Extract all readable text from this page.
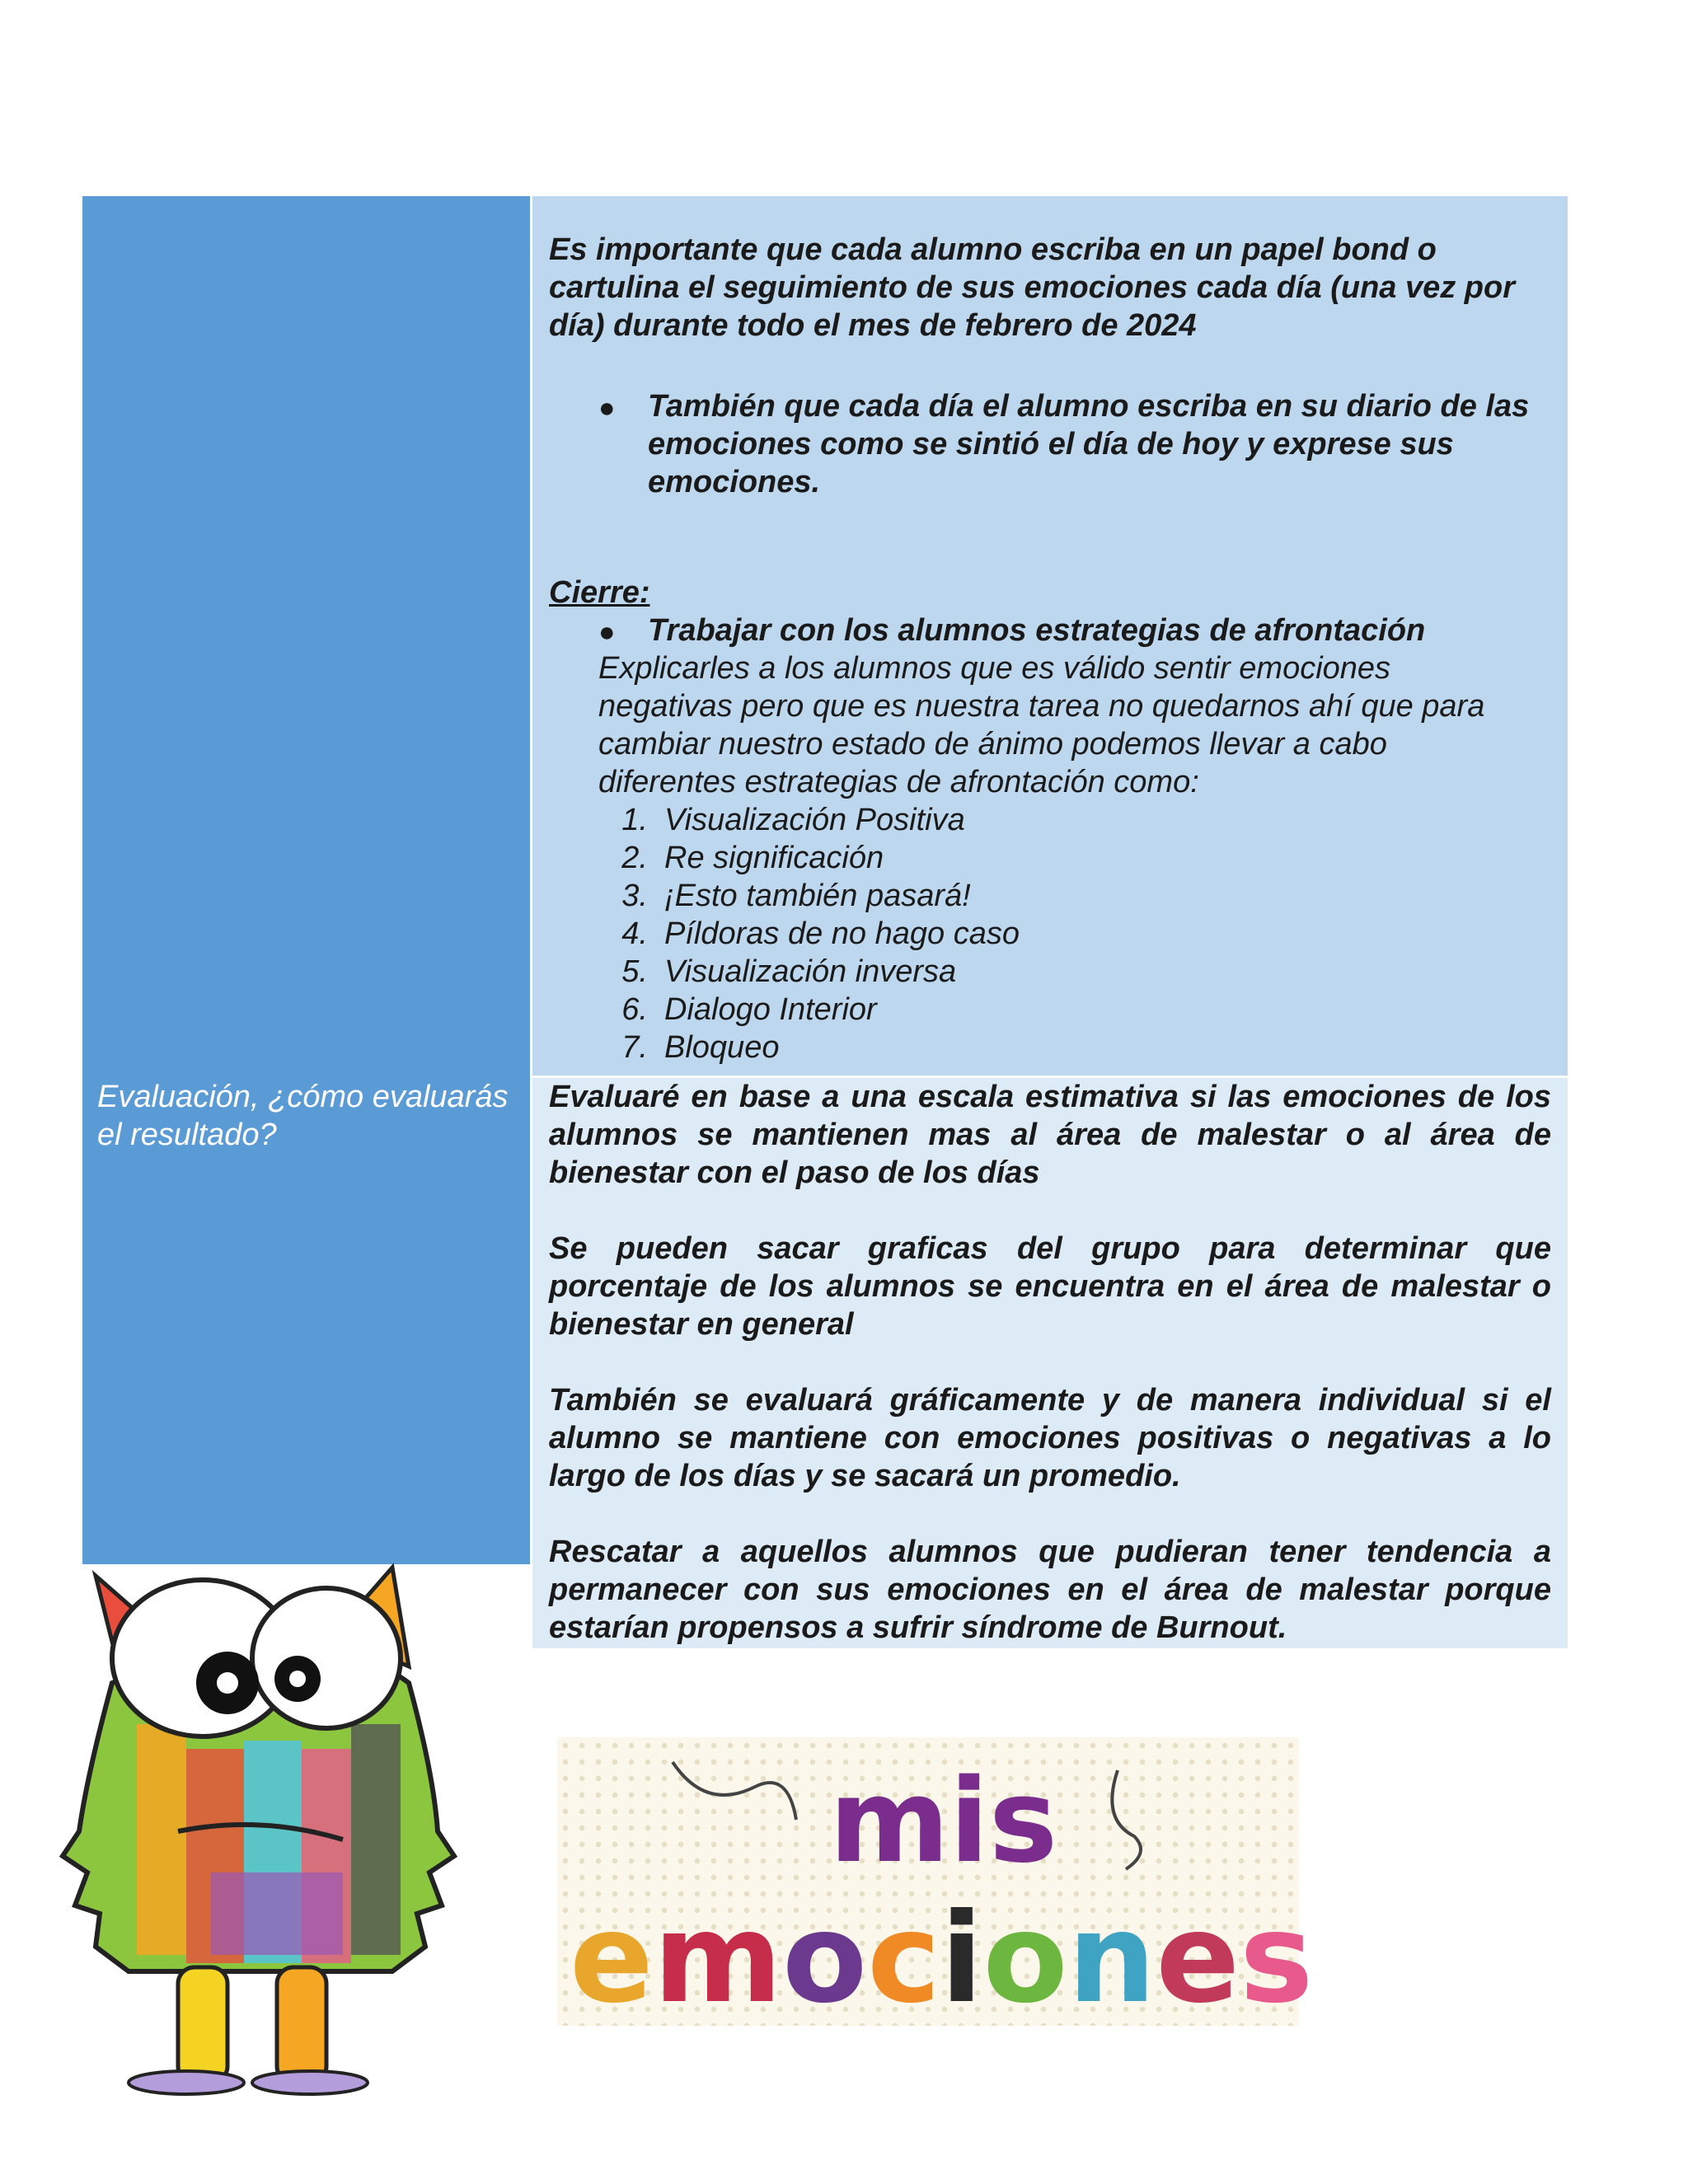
Evaluación, ¿cómo evaluarás el resultado?
Es importante que cada alumno escriba en un papel bond o cartulina el seguimiento de sus emociones cada día (una vez por día) durante todo el mes de febrero de 2024
● También que cada día el alumno escriba en su diario de las emociones como se sintió el día de hoy y exprese sus emociones.
Cierre:
● Trabajar con los alumnos estrategias de afrontación
Explicarles a los alumnos que es válido sentir emociones negativas pero que es nuestra tarea no quedarnos ahí que para cambiar nuestro estado de ánimo podemos llevar a cabo diferentes estrategias de afrontación como:
1. Visualización Positiva
2. Re significación
3. ¡Esto también pasará!
4. Píldoras de no hago caso
5. Visualización inversa
6. Dialogo Interior
7. Bloqueo
Evaluaré en base a una escala estimativa si las emociones de los alumnos se mantienen mas al área de malestar o al área de bienestar con el paso de los días
Se pueden sacar graficas del grupo para determinar que porcentaje de los alumnos se encuentra en el área de malestar o bienestar en general
También se evaluará gráficamente y de manera individual si el alumno se mantiene con emociones positivas o negativas a lo largo de los días y se sacará un promedio.
Rescatar a aquellos alumnos que pudieran tener tendencia a permanecer con sus emociones en el área de malestar porque estarían propensos a sufrir síndrome de Burnout.
mis
emociones
